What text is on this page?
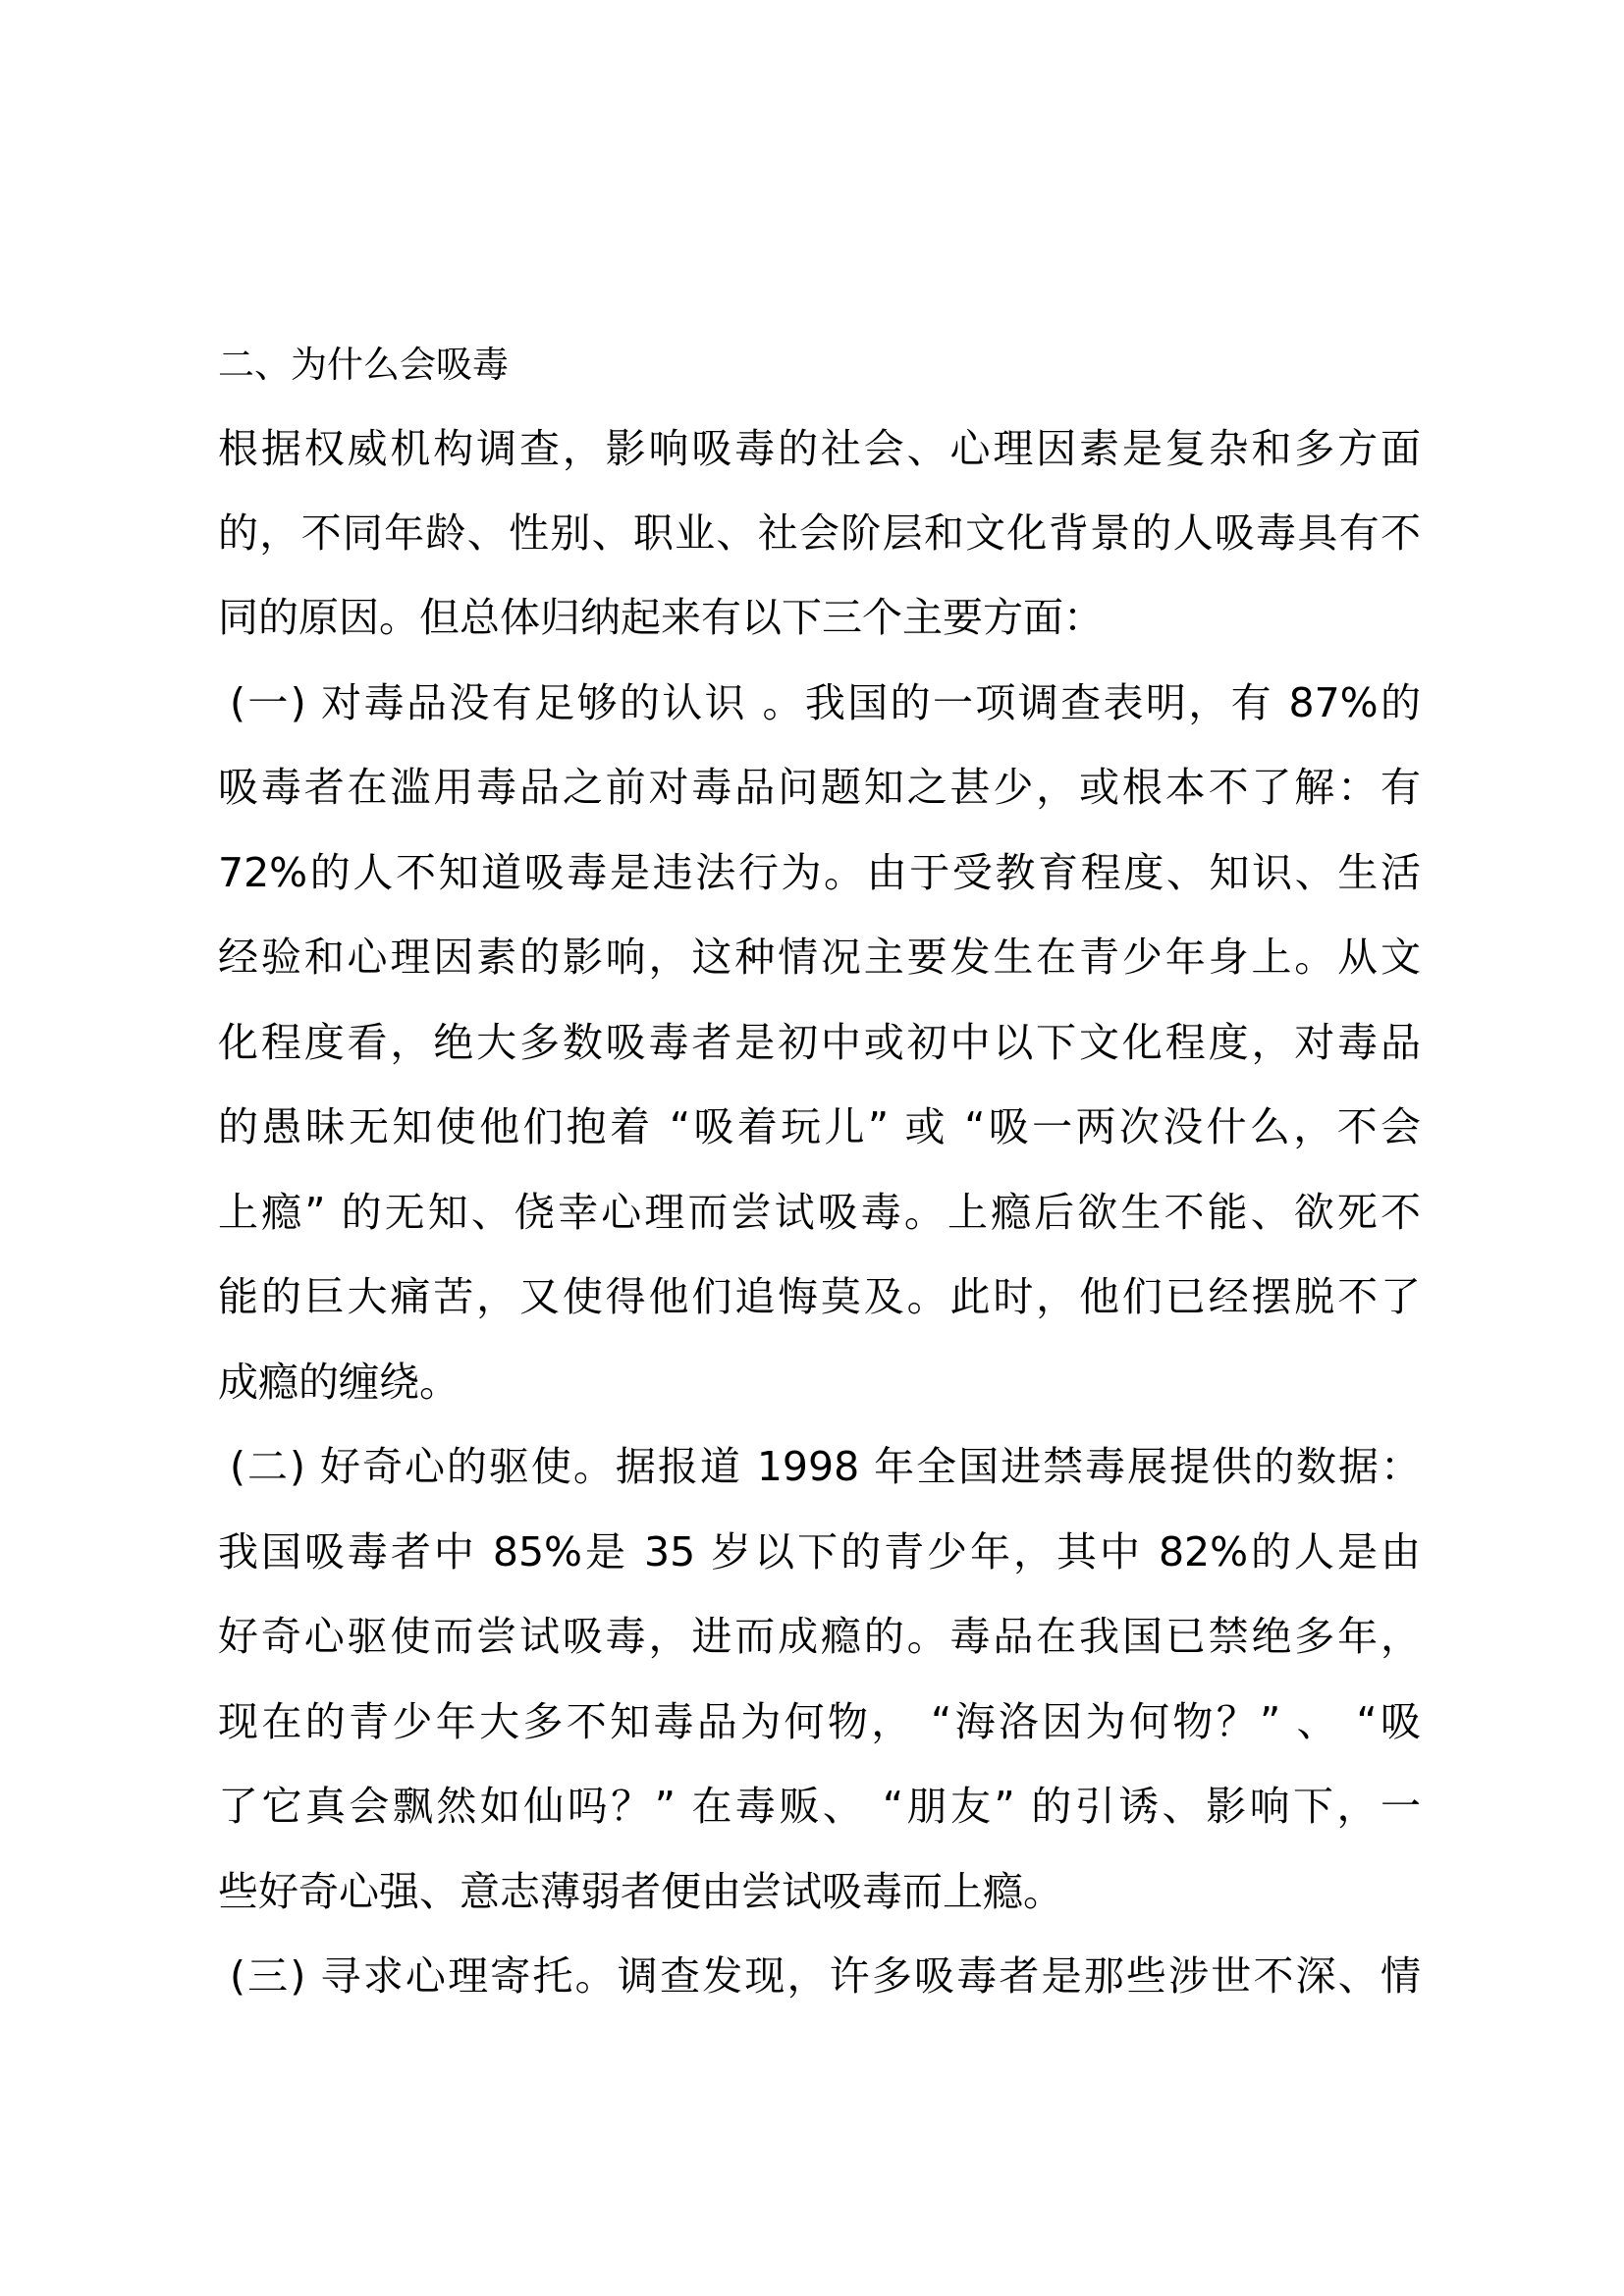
二、为什么会吸毒
根据权威机构调查，影响吸毒的社会、心理因素是复杂和多方面
的，不同年龄、性别、职业、社会阶层和文化背景的人吸毒具有不
同的原因。但总体归纳起来有以下三个主要方面：
(一) 对毒品没有足够的认识 。我国的一项调查表明，有 87%的
吸毒者在滥用毒品之前对毒品问题知之甚少，或根本不了解：有
72%的人不知道吸毒是违法行为。由于受教育程度、知识、生活
经验和心理因素的影响，这种情况主要发生在青少年身上。从文
化程度看，绝大多数吸毒者是初中或初中以下文化程度，对毒品
的愚昧无知使他们抱着 “吸着玩儿” 或 “吸一两次没什么，不会
上瘾” 的无知、侥幸心理而尝试吸毒。上瘾后欲生不能、欲死不
能的巨大痛苦，又使得他们追悔莫及。此时，他们已经摆脱不了
成瘾的缠绕。
(二) 好奇心的驱使。据报道 1998 年全国进禁毒展提供的数据：
我国吸毒者中 85%是 35 岁以下的青少年，其中 82%的人是由
好奇心驱使而尝试吸毒，进而成瘾的。毒品在我国已禁绝多年，
现在的青少年大多不知毒品为何物， “海洛因为何物？” 、 “吸
了它真会飘然如仙吗？” 在毒贩、 “朋友” 的引诱、影响下，一
些好奇心强、意志薄弱者便由尝试吸毒而上瘾。
(三) 寻求心理寄托。调查发现，许多吸毒者是那些涉世不深、情
